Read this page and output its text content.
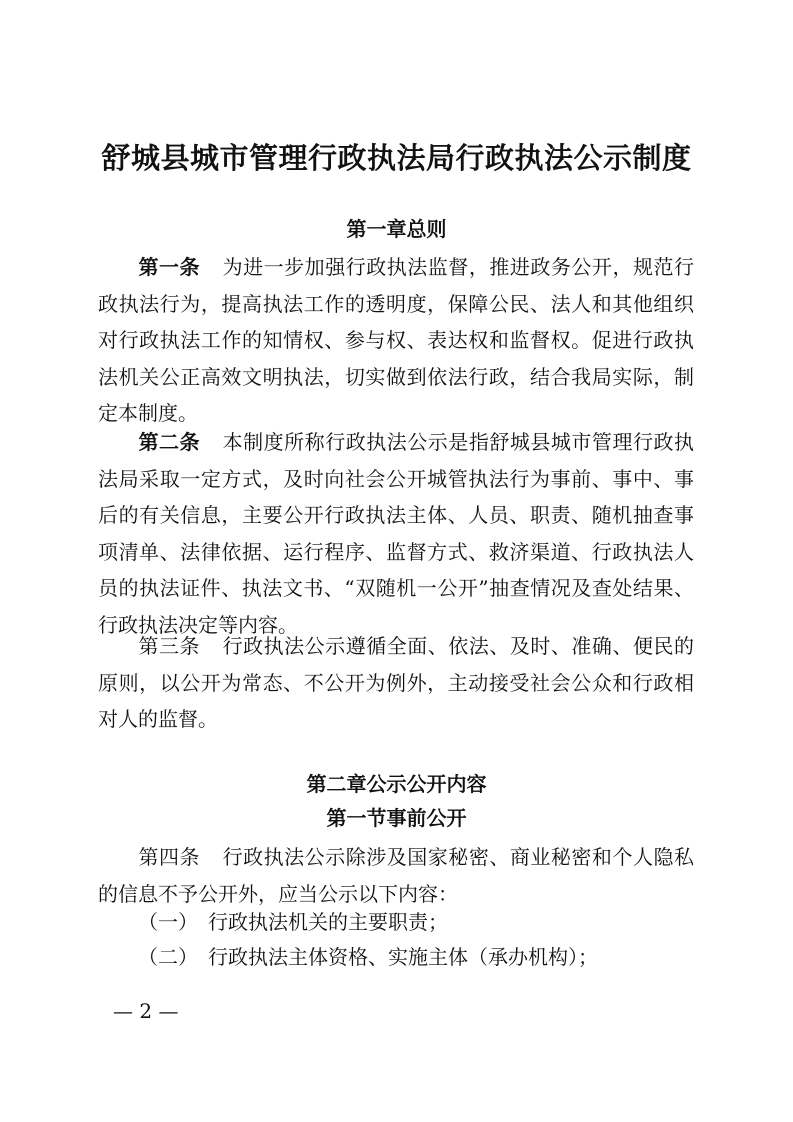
舒城县城市管理行政执法局行政执法公示制度
第一章总则

第一条 为进一步加强行政执法监督，推进政务公开，规范行政执法行为，提高执法工作的透明度，保障公民、法人和其他组织对行政执法工作的知情权、参与权、表达权和监督权。促进行政执法机关公正高效文明执法，切实做到依法行政，结合我局实际，制定本制度。

第二条 本制度所称行政执法公示是指舒城县城市管理行政执法局采取一定方式，及时向社会公开城管执法行为事前、事中、事后的有关信息，主要公开行政执法主体、人员、职责、随机抽查事项清单、法律依据、运行程序、监督方式、救济渠道、行政执法人员的执法证件、执法文书、“双随机一公开”抽查情况及查处结果、行政执法决定等内容。

第三条 行政执法公示遵循全面、依法、及时、准确、便民的原则，以公开为常态、不公开为例外，主动接受社会公众和行政相对人的监督。

第二章公示公开内容
第一节事前公开

第四条 行政执法公示除涉及国家秘密、商业秘密和个人隐私的信息不予公开外，应当公示以下内容：

（一） 行政执法机关的主要职责；

（二） 行政执法主体资格、实施主体（承办机构）；

— 2 —
